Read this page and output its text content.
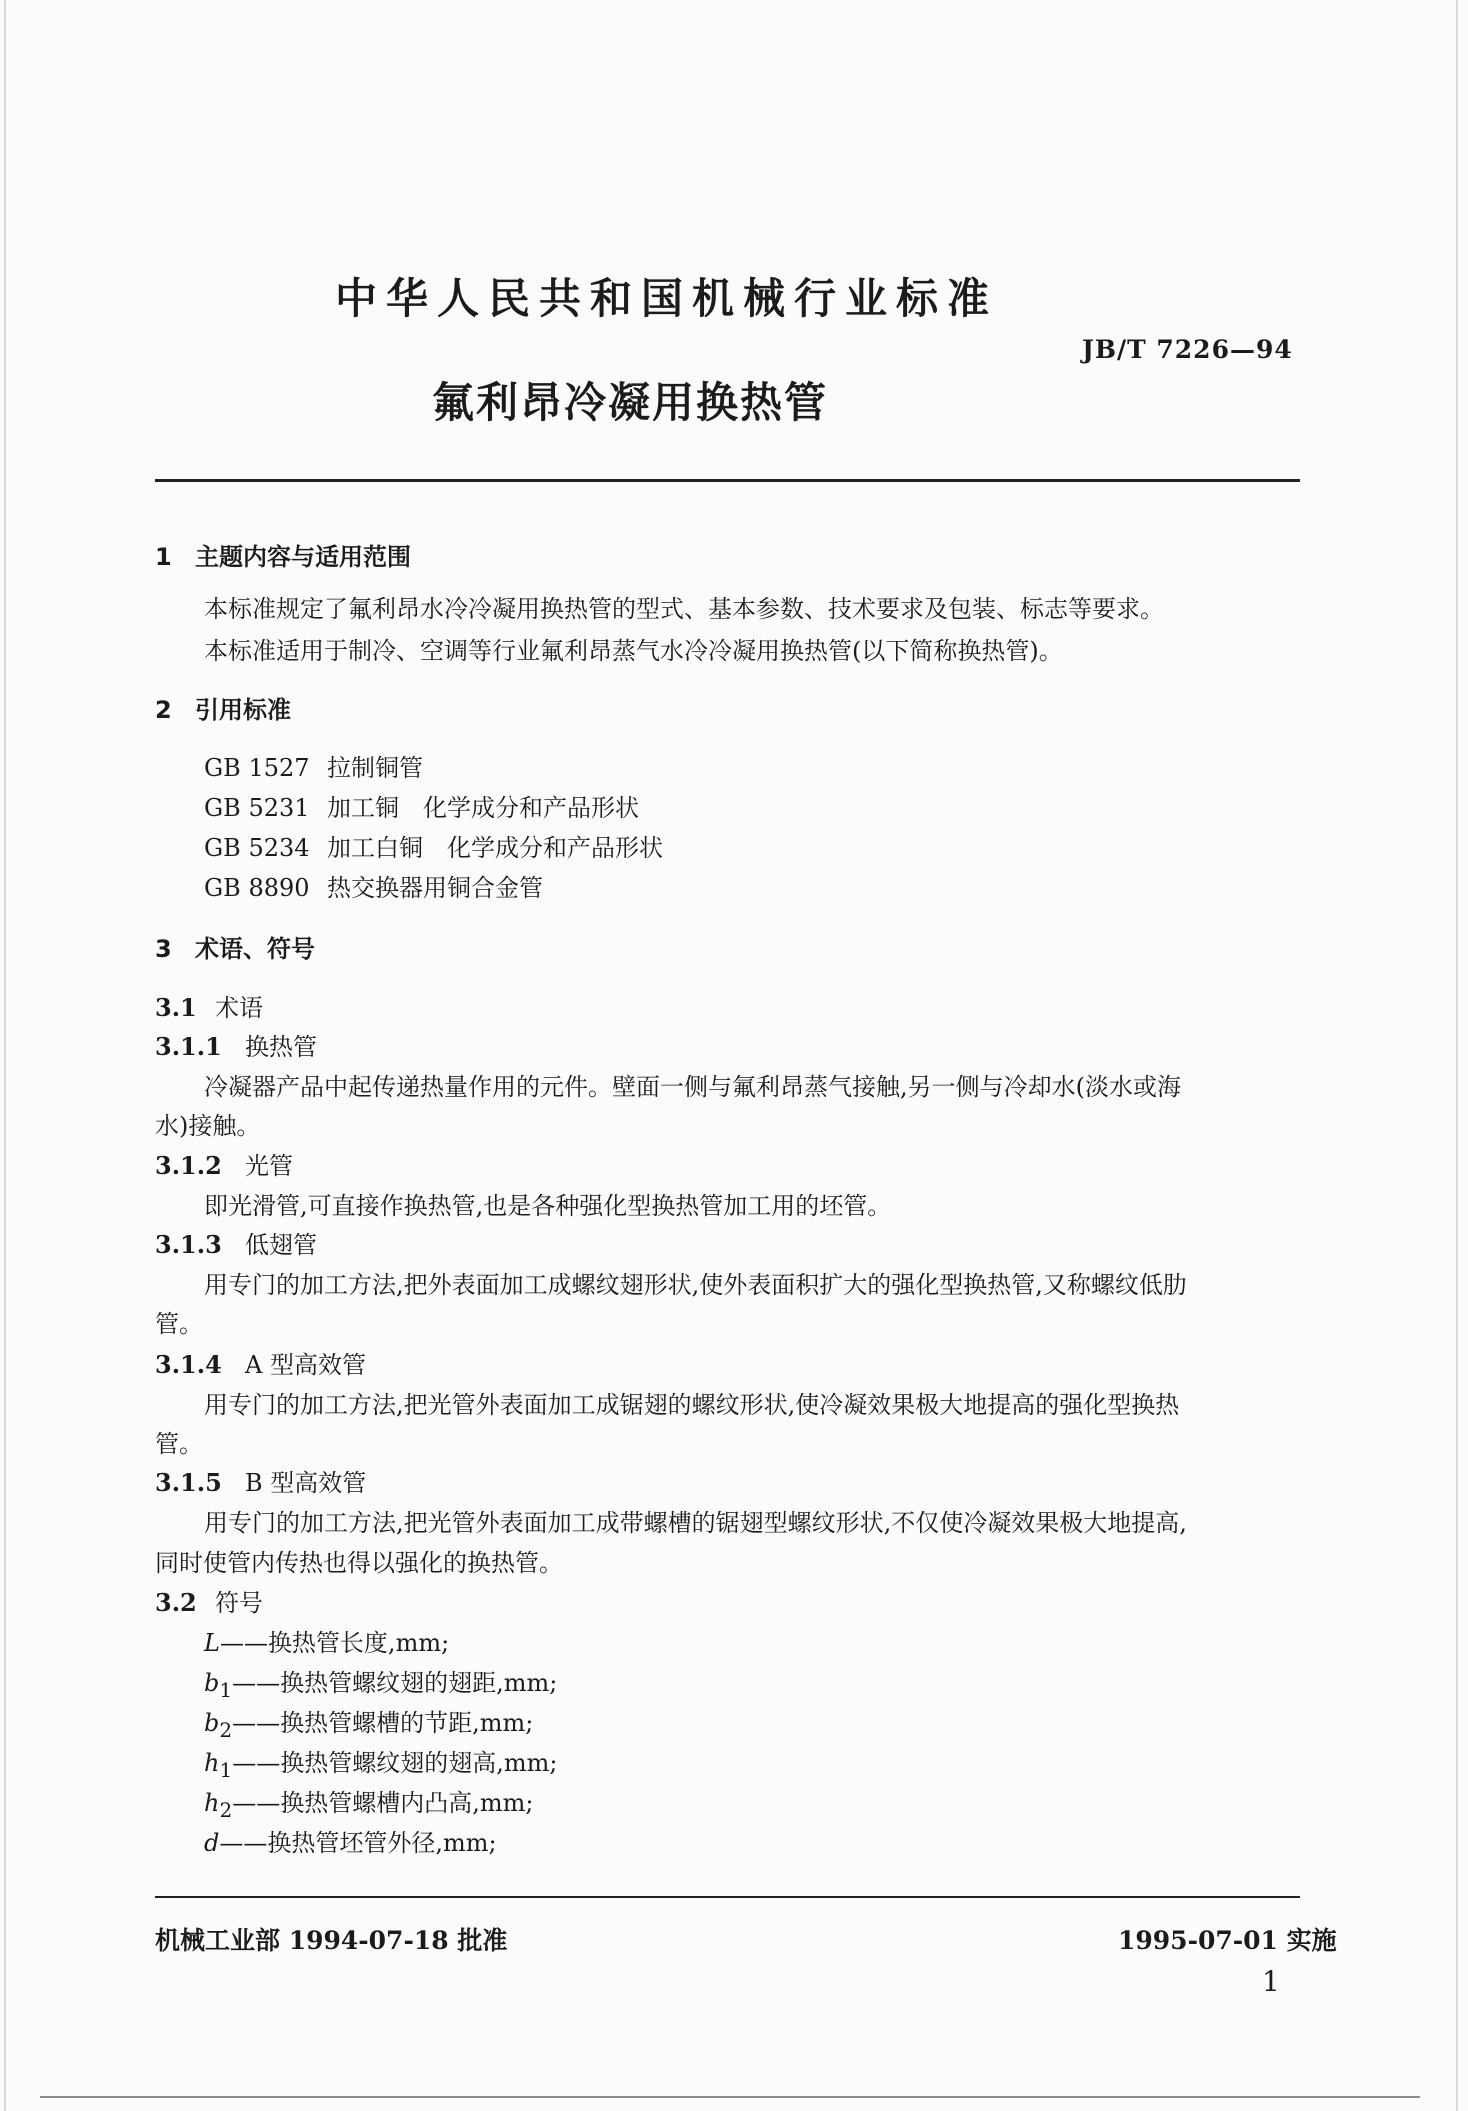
中华人民共和国机械行业标准
JB/T 7226—94
氟利昂冷凝用换热管
1 主题内容与适用范围
本标准规定了氟利昂水冷冷凝用换热管的型式、基本参数、技术要求及包装、标志等要求。
本标准适用于制冷、空调等行业氟利昂蒸气水冷冷凝用换热管(以下简称换热管)。
2 引用标准
GB 1527 拉制铜管
GB 5231 加工铜　化学成分和产品形状
GB 5234 加工白铜　化学成分和产品形状
GB 8890 热交换器用铜合金管
3 术语、符号
3.1 术语
3.1.1 换热管
冷凝器产品中起传递热量作用的元件。壁面一侧与氟利昂蒸气接触,另一侧与冷却水(淡水或海
水)接触。
3.1.2 光管
即光滑管,可直接作换热管,也是各种强化型换热管加工用的坯管。
3.1.3 低翅管
用专门的加工方法,把外表面加工成螺纹翅形状,使外表面积扩大的强化型换热管,又称螺纹低肋
管。
3.1.4 A 型高效管
用专门的加工方法,把光管外表面加工成锯翅的螺纹形状,使冷凝效果极大地提高的强化型换热
管。
3.1.5 B 型高效管
用专门的加工方法,把光管外表面加工成带螺槽的锯翅型螺纹形状,不仅使冷凝效果极大地提高,
同时使管内传热也得以强化的换热管。
3.2 符号
L——换热管长度,mm;
$b_1——$换热管螺纹翅的翅距,mm;
$b_2——$换热管螺槽的节距,mm;
$h_1——$换热管螺纹翅的翅高,mm;
$h_2——$换热管螺槽内凸高,mm;
d——换热管坯管外径,mm;
机械工业部 1994-07-18 批准	1995-07-01 实施
1
